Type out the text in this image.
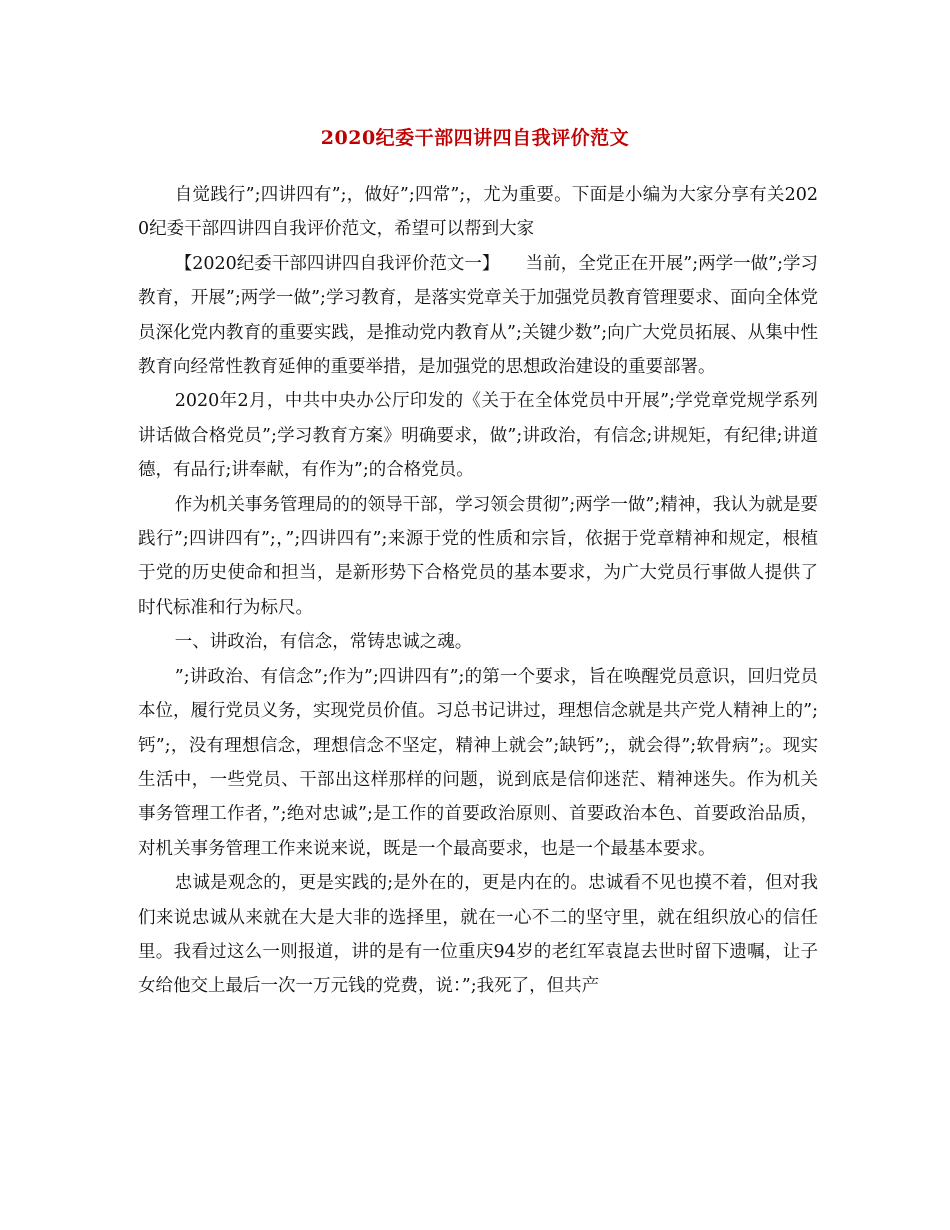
2020纪委干部四讲四自我评价范文

自觉践行”;四讲四有”;，做好”;四常”;，尤为重要。下面是小编为大家分享有关2020纪委干部四讲四自我评价范文，希望可以帮到大家

【2020纪委干部四讲四自我评价范文一】　　当前，全党正在开展”;两学一做”;学习教育，开展”;两学一做”;学习教育，是落实党章关于加强党员教育管理要求、面向全体党员深化党内教育的重要实践，是推动党内教育从”;关键少数”;向广大党员拓展、从集中性教育向经常性教育延伸的重要举措，是加强党的思想政治建设的重要部署。

2020年2月，中共中央办公厅印发的《关于在全体党员中开展”;学党章党规学系列讲话做合格党员”;学习教育方案》明确要求，做”;讲政治，有信念;讲规矩，有纪律;讲道德，有品行;讲奉献，有作为”;的合格党员。

作为机关事务管理局的的领导干部，学习领会贯彻”;两学一做”;精神，我认为就是要践行”;四讲四有”;，”;四讲四有”;来源于党的性质和宗旨，依据于党章精神和规定，根植于党的历史使命和担当，是新形势下合格党员的基本要求，为广大党员行事做人提供了时代标准和行为标尺。

一、讲政治，有信念，常铸忠诚之魂。

”;讲政治、有信念”;作为”;四讲四有”;的第一个要求，旨在唤醒党员意识，回归党员本位，履行党员义务，实现党员价值。习总书记讲过，理想信念就是共产党人精神上的”;钙”;，没有理想信念，理想信念不坚定，精神上就会”;缺钙”;，就会得”;软骨病”;。现实生活中，一些党员、干部出这样那样的问题，说到底是信仰迷茫、精神迷失。作为机关事务管理工作者，”;绝对忠诚”;是工作的首要政治原则、首要政治本色、首要政治品质，对机关事务管理工作来说来说，既是一个最高要求，也是一个最基本要求。

忠诚是观念的，更是实践的;是外在的，更是内在的。忠诚看不见也摸不着，但对我们来说忠诚从来就在大是大非的选择里，就在一心不二的坚守里，就在组织放心的信任里。我看过这么一则报道，讲的是有一位重庆94岁的老红军袁崑去世时留下遗嘱，让子女给他交上最后一次一万元钱的党费，说：”;我死了，但共产
